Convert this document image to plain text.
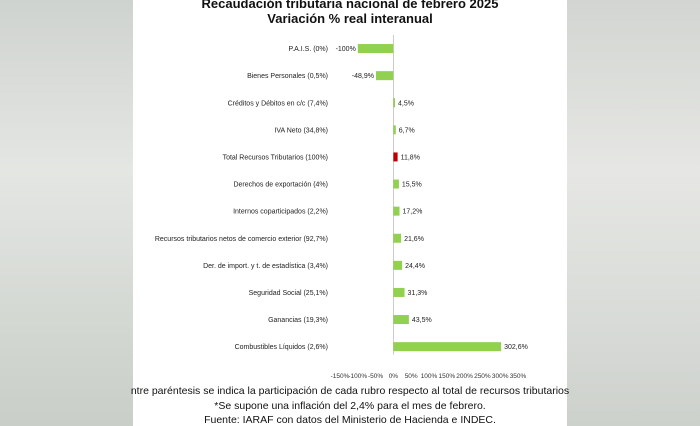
Recaudación tributaria nacional de febrero 2025
Variación % real interanual
P.A.I.S. (0%) -100%
Bienes Personales (0,5%)	-48,9%
Créditos y Débitos en c/c (7,4%)	4,5%
IVA Neto (34,8%)	6,7%
Total Recursos Tributarios (100%)	11,8%
Derechos de exportación (4%)	15,5%
Internos coparticipados (2,2%)	17,2%
Recursos tributarios netos de comercio exterior (92,7%)	21,6%
Der. de import. y t. de estadística (3,4%)	24,4%
Seguridad Social (25,1%)	31,3%
Ganancias (19,3%)	43,5%
Combustibles Líquidos (2,6%)	302,6%
-150% -100% -50% 0% 50% 100% 150% 200% 250% 300% 350%
ntre paréntesis se indica la participación de cada rubro respecto al total de recursos tributarios
*Se supone una inflación del 2,4% para el mes de febrero.
Fuente: IARAF con datos del Ministerio de Hacienda e INDEC.
